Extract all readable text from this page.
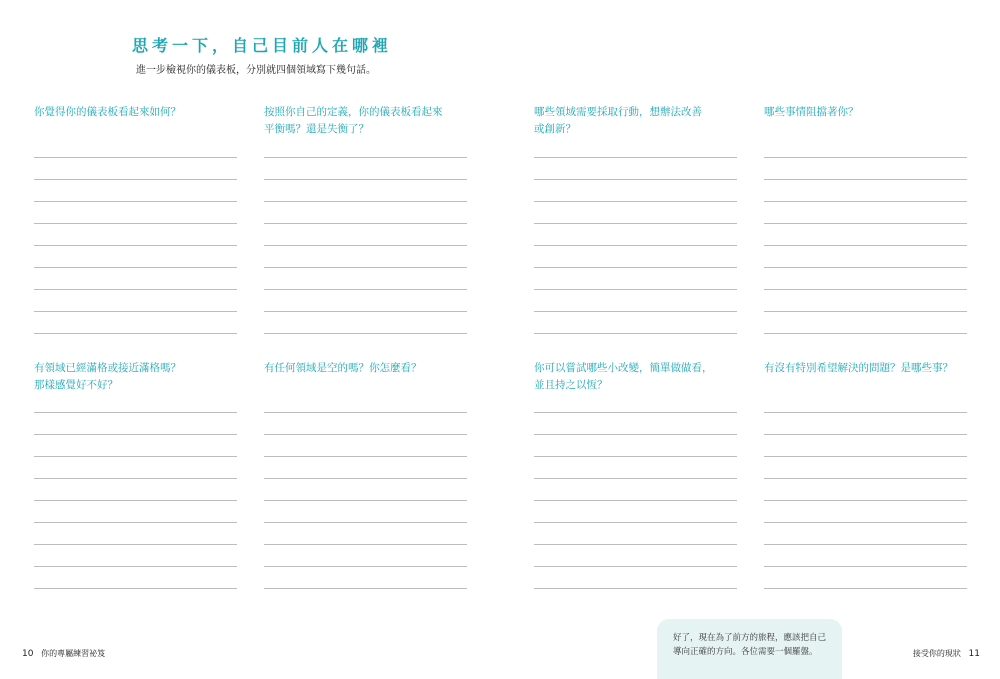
思考一下，自己目前人在哪裡
進一步檢視你的儀表板，分別就四個領域寫下幾句話。
你覺得你的儀表板看起來如何？	按照你自己的定義，你的儀表板看起來
平衡嗎？還是失衡了？
哪些領域需要採取行動，想辦法改善
或創新？
哪些事情阻擋著你？
有領域已經滿格或接近滿格嗎？
那樣感覺好不好？
有任何領域是空的嗎？你怎麼看？	你可以嘗試哪些小改變，簡單做做看，
並且持之以恆？
有沒有特別希望解決的問題？是哪些事？
好了，現在為了前方的旅程，應該把自己
導向正確的方向。各位需要一個羅盤。
10 你的專屬練習祕笈	接受你的現狀 11
